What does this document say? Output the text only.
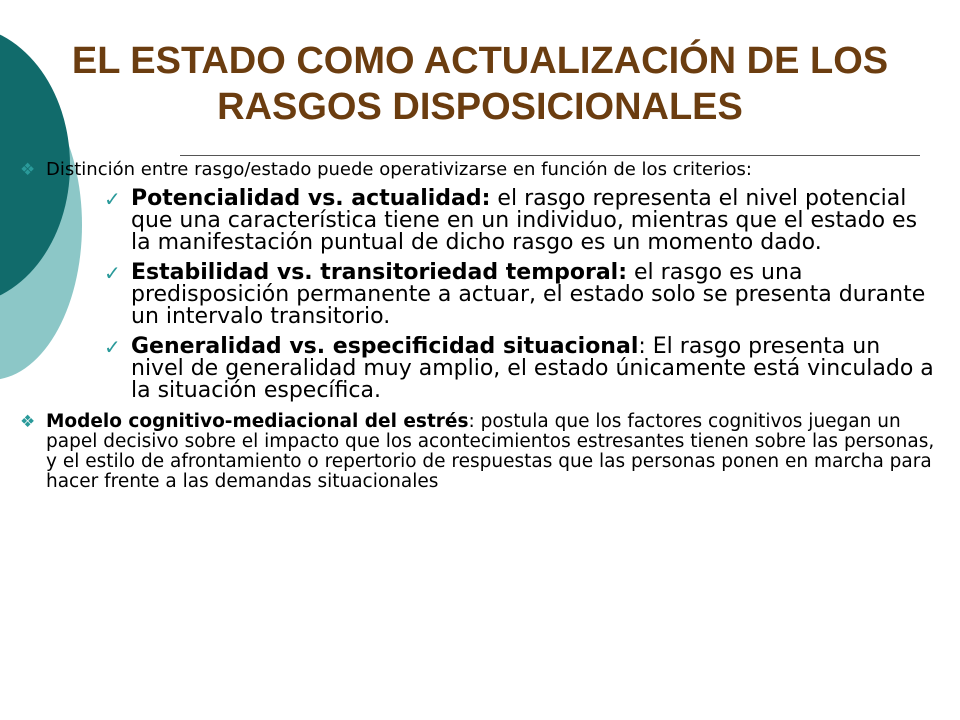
EL ESTADO COMO ACTUALIZACIÓN DE LOS RASGOS DISPOSICIONALES
❖ Distinción entre rasgo/estado puede operativizarse en función de los criterios:
✓ Potencialidad vs. actualidad: el rasgo representa el nivel potencial que una característica tiene en un individuo, mientras que el estado es la manifestación puntual de dicho rasgo es un momento dado.
✓ Estabilidad vs. transitoriedad temporal: el rasgo es una predisposición permanente a actuar, el estado solo se presenta durante un intervalo transitorio.
✓ Generalidad vs. especificidad situacional: El rasgo presenta un nivel de generalidad muy amplio, el estado únicamente está vinculado a la situación específica.
❖ Modelo cognitivo-mediacional del estrés: postula que los factores cognitivos juegan un papel decisivo sobre el impacto que los acontecimientos estresantes tienen sobre las personas, y el estilo de afrontamiento o repertorio de respuestas que las personas ponen en marcha para hacer frente a las demandas situacionales
